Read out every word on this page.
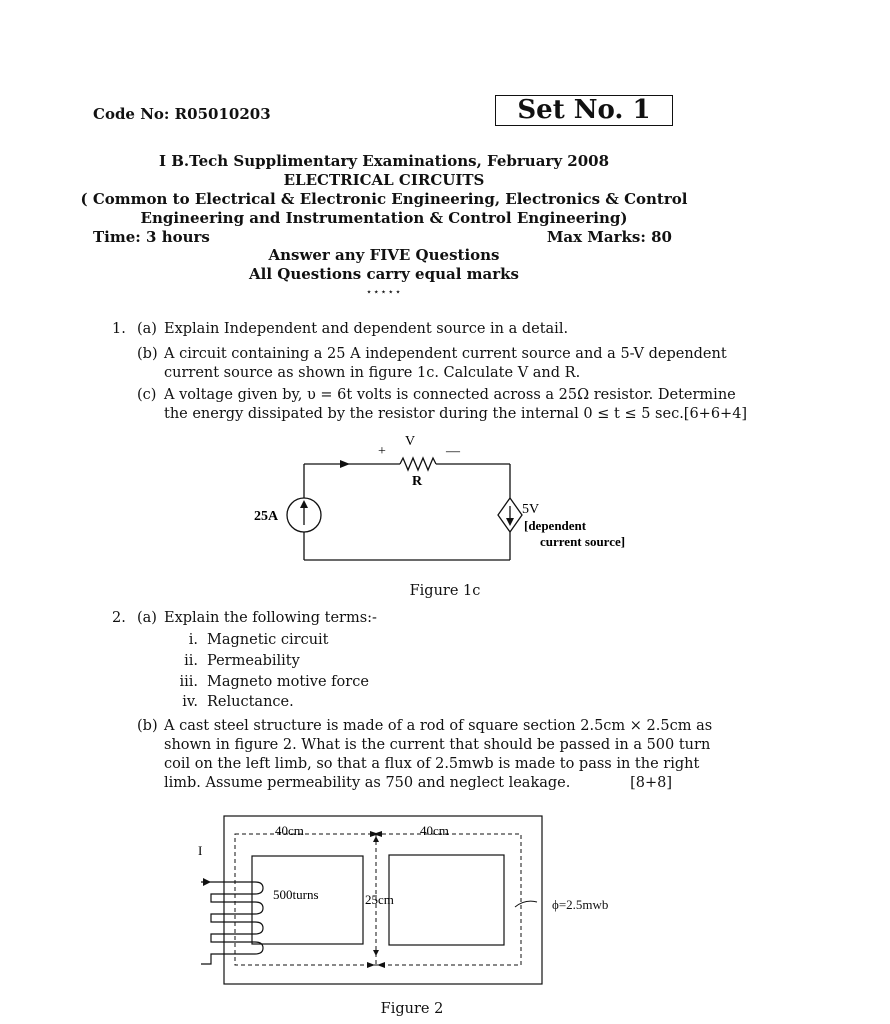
Code No: R05010203	Set No. 1
I B.Tech Supplimentary Examinations, February 2008
ELECTRICAL CIRCUITS
( Common to Electrical & Electronic Engineering, Electronics & Control
Engineering and Instrumentation & Control Engineering)
Time: 3 hours	Max Marks: 80
Answer any FIVE Questions
All Questions carry equal marks
⋆⋆⋆⋆⋆
1. (a) Explain Independent and dependent source in a detail.
(b) A circuit containing a 25 A independent current source and a 5-V dependent
current source as shown in figure 1c. Calculate V and R.
(c) A voltage given by, υ = 6t volts is connected across a 25Ω resistor. Determine
the energy dissipated by the resistor during the internal 0 ≤ t ≤ 5 sec.[6+6+4]
+
V
—
R
25A	5V
[dependent
current source]
Figure 1c
2. (a) Explain the following terms:-
i. Magnetic circuit
ii. Permeability
iii. Magneto motive force
iv. Reluctance.
(b) A cast steel structure is made of a rod of square section 2.5cm × 2.5cm as
shown in figure 2. What is the current that should be passed in a 500 turn
coil on the left limb, so that a flux of 2.5mwb is made to pass in the right
limb. Assume permeability as 750 and neglect leakage.	[8+8]
I
40cm	40cm
500turns	25cm	ϕ=2.5mwb
Figure 2
